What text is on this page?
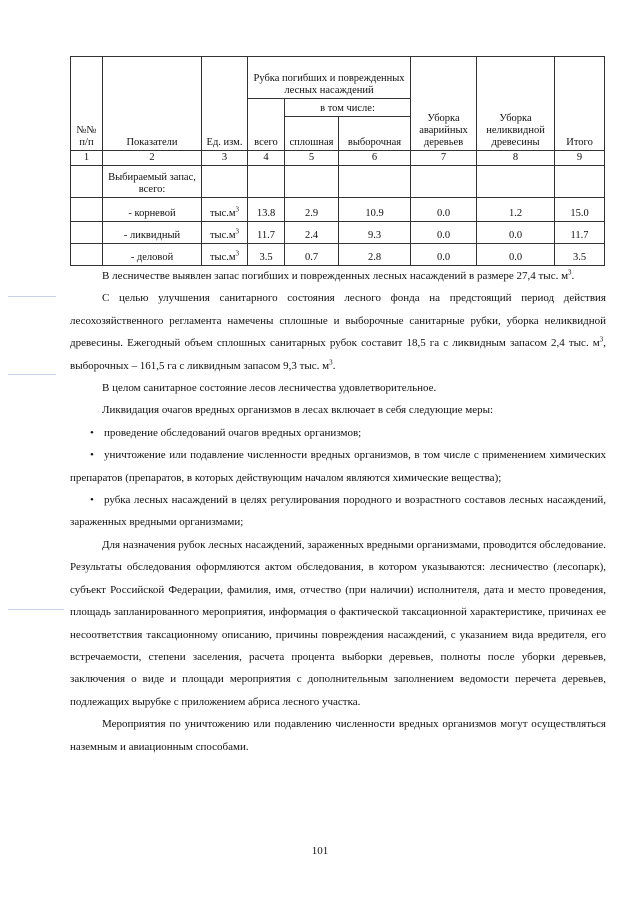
№№ п/п	Показатели	Ед. изм.	Рубка погибших и поврежденных лесных насаждений			Уборка аварийных деревьев	Уборка неликвидной древесины	Итого
			всего	в том числе:				
				сплошная	выборочная			
1	2	3	4	5	6	7	8	9
	Выбираемый запас, всего:							
	- корневой	$тыс.м^3$	13.8	2.9	10.9	0.0	1.2	15.0
	- ликвидный	$тыс.м^3$	11.7	2.4	9.3	0.0	0.0	11.7
	- деловой	$тыс.м^3$	3.5	0.7	2.8	0.0	0.0	3.5

В лесничестве выявлен запас погибших и поврежденных лесных насаждений в размере 27,4 тыс. $м^3$.

С целью улучшения санитарного состояния лесного фонда на предстоящий период действия лесохозяйственного регламента намечены сплошные и выборочные санитарные рубки, уборка неликвидной древесины. Ежегодный объем сплошных санитарных рубок составит 18,5 га с ликвидным запасом 2,4 тыс. $м^3$, выборочных – 161,5 га с ликвидным запасом 9,3 тыс. $м^3$.

В целом санитарное состояние лесов лесничества удовлетворительное.

Ликвидация очагов вредных организмов в лесах включает в себя следующие меры:

• проведение обследований очагов вредных организмов;

• уничтожение или подавление численности вредных организмов, в том числе с применением химических препаратов (препаратов, в которых действующим началом являются химические вещества);

• рубка лесных насаждений в целях регулирования породного и возрастного составов лесных насаждений, зараженных вредными организмами;

Для назначения рубок лесных насаждений, зараженных вредными организмами, проводится обследование. Результаты обследования оформляются актом обследования, в котором указываются: лесничество (лесопарк), субъект Российской Федерации, фамилия, имя, отчество (при наличии) исполнителя, дата и место проведения, площадь запланированного мероприятия, информация о фактической таксационной характеристике, причинах ее несоответствия таксационному описанию, причины повреждения насаждений, с указанием вида вредителя, его встречаемости, степени заселения, расчета процента выборки деревьев, полноты после уборки деревьев, заключения о виде и площади мероприятия с дополнительным заполнением ведомости перечета деревьев, подлежащих вырубке с приложением абриса лесного участка.

Мероприятия по уничтожению или подавлению численности вредных организмов могут осуществляться наземным и авиационным способами.

101
